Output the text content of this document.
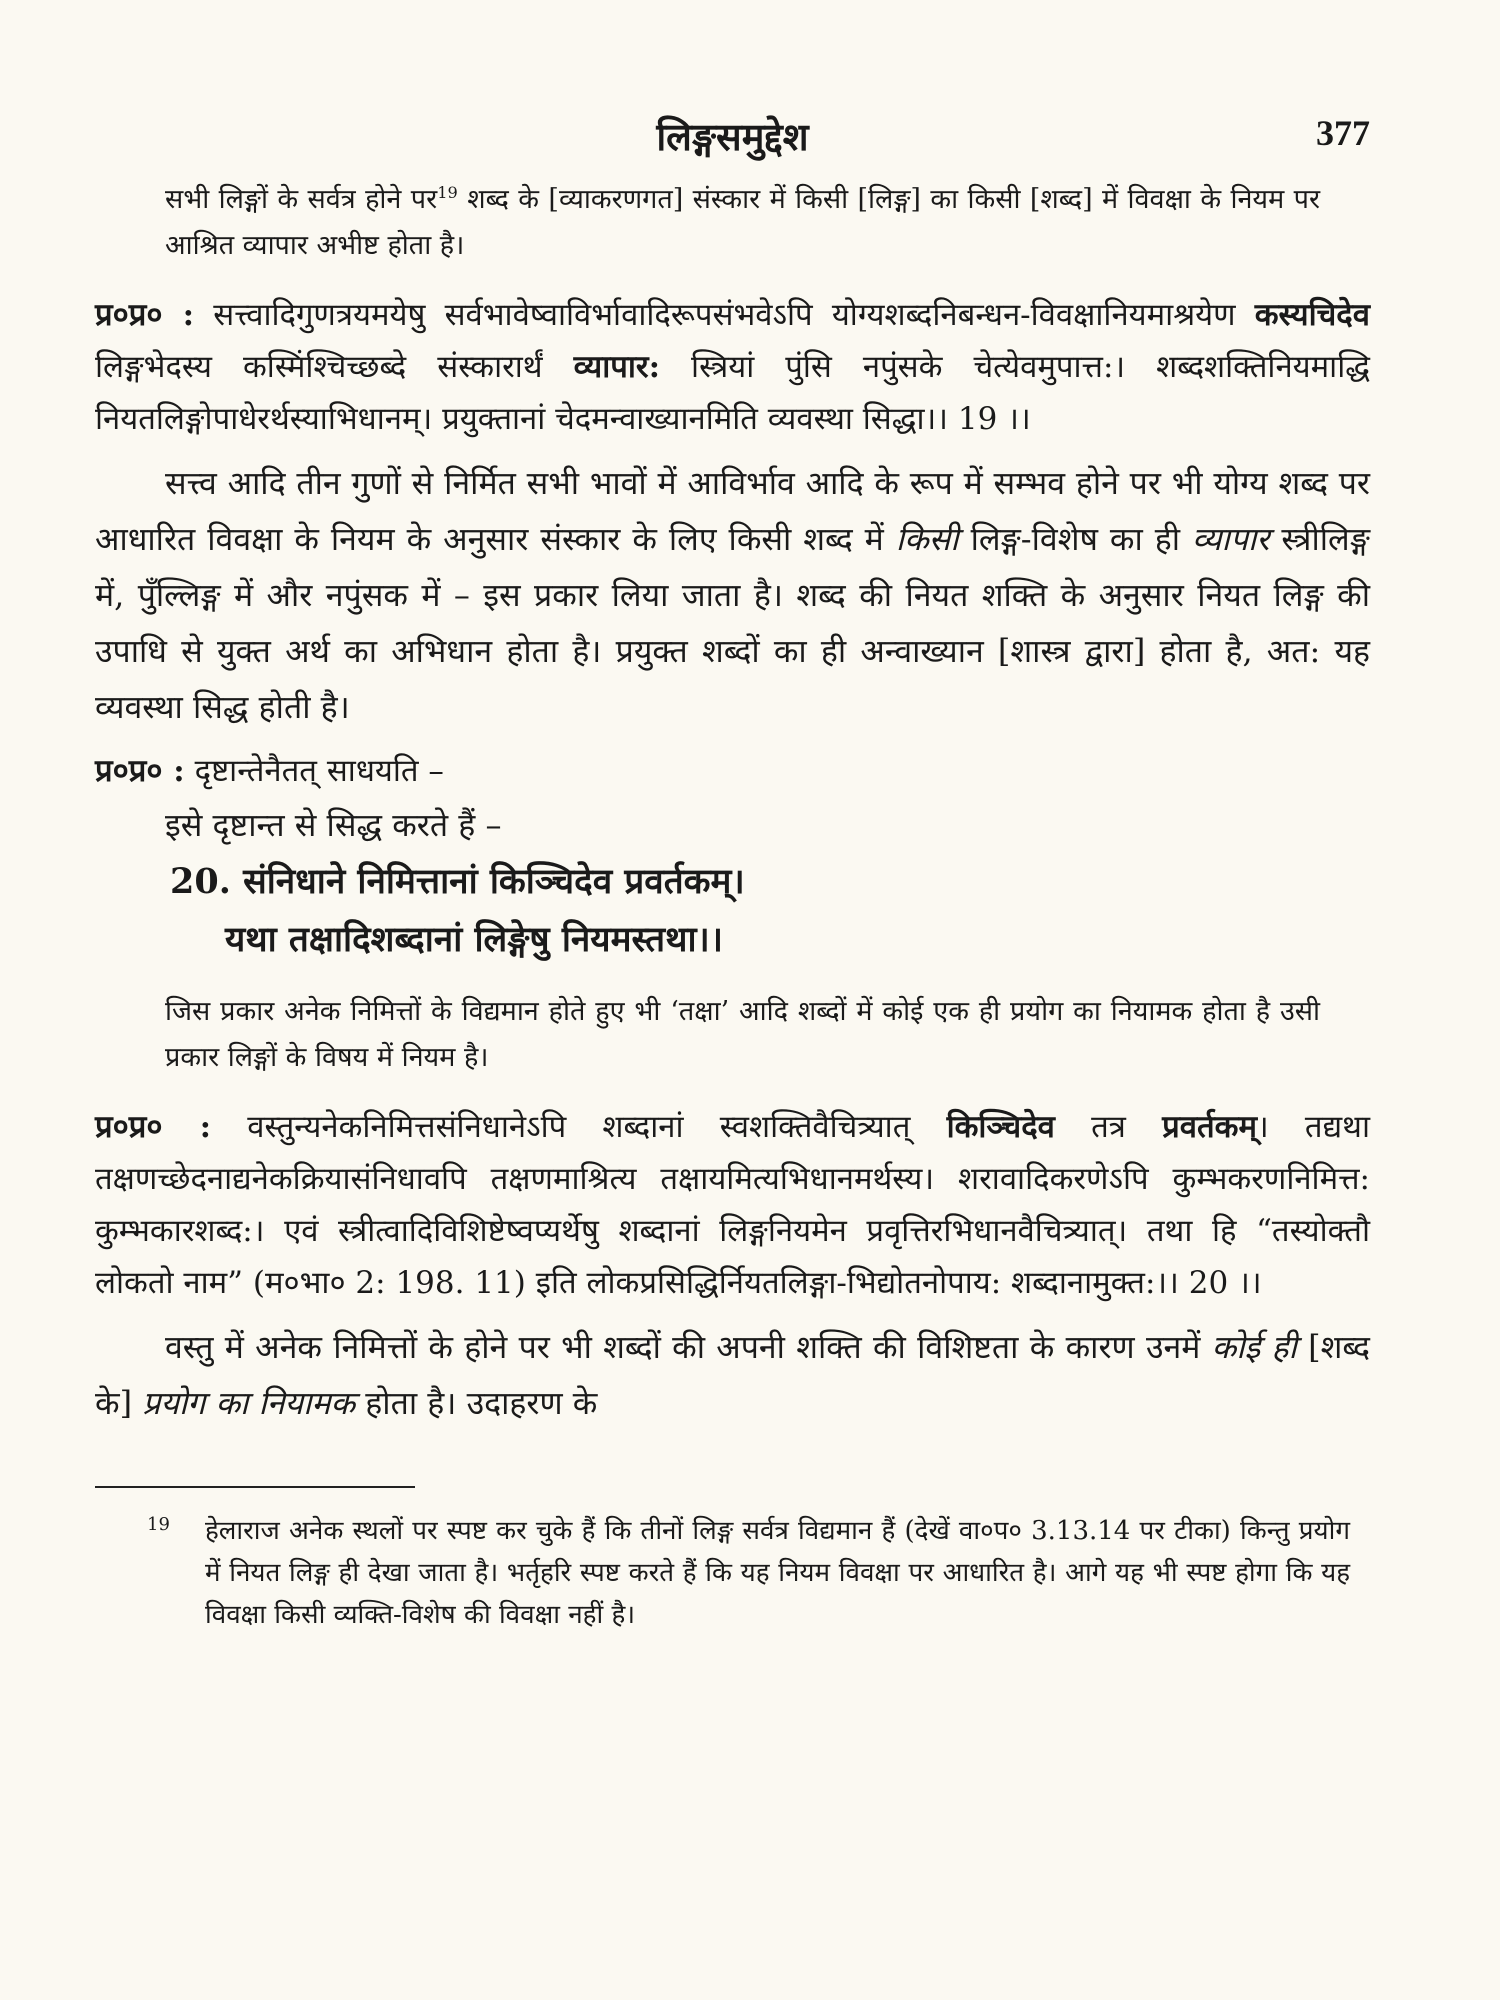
लिङ्गसमुद्देश	377

सभी लिङ्गों के सर्वत्र होने पर$^{19}$ शब्द के [व्याकरणगत] संस्कार में किसी [लिङ्ग] का किसी [शब्द] में विवक्षा के नियम पर आश्रित व्यापार अभीष्ट होता है।

प्र०प्र० : सत्त्वादिगुणत्रयमयेषु सर्वभावेष्वाविर्भावादिरूपसंभवेऽपि योग्यशब्दनिबन्धन-विवक्षानियमाश्रयेण कस्यचिदेव लिङ्गभेदस्य कस्मिंश्चिच्छब्दे संस्कारार्थं व्यापार: स्त्रियां पुंसि नपुंसके चेत्येवमुपात्त:। शब्दशक्तिनियमाद्धि नियतलिङ्गोपाधेरर्थस्याभिधानम्। प्रयुक्तानां चेदमन्वाख्यानमिति व्यवस्था सिद्धा।। 19 ।।

सत्त्व आदि तीन गुणों से निर्मित सभी भावों में आविर्भाव आदि के रूप में सम्भव होने पर भी योग्य शब्द पर आधारित विवक्षा के नियम के अनुसार संस्कार के लिए किसी शब्द में किसी लिङ्ग-विशेष का ही व्यापार स्त्रीलिङ्ग में, पुँल्लिङ्ग में और नपुंसक में – इस प्रकार लिया जाता है। शब्द की नियत शक्ति के अनुसार नियत लिङ्ग की उपाधि से युक्त अर्थ का अभिधान होता है। प्रयुक्त शब्दों का ही अन्वाख्यान [शास्त्र द्वारा] होता है, अत: यह व्यवस्था सिद्ध होती है।

प्र०प्र० : दृष्टान्तेनैतत् साधयति –

इसे दृष्टान्त से सिद्ध करते हैं –

20. संनिधाने निमित्तानां किञ्चिदेव प्रवर्तकम्।
यथा तक्षादिशब्दानां लिङ्गेषु नियमस्तथा।।

जिस प्रकार अनेक निमित्तों के विद्यमान होते हुए भी ‘तक्षा’ आदि शब्दों में कोई एक ही प्रयोग का नियामक होता है उसी प्रकार लिङ्गों के विषय में नियम है।

प्र०प्र० : वस्तुन्यनेकनिमित्तसंनिधानेऽपि शब्दानां स्वशक्तिवैचित्र्यात् किञ्चिदेव तत्र प्रवर्तकम्। तद्यथा तक्षणच्छेदनाद्यनेकक्रियासंनिधावपि तक्षणमाश्रित्य तक्षायमित्यभिधानमर्थस्य। शरावादिकरणेऽपि कुम्भकरणनिमित्त: कुम्भकारशब्द:। एवं स्त्रीत्वादिविशिष्टेष्वप्यर्थेषु शब्दानां लिङ्गनियमेन प्रवृत्तिरभिधानवैचित्र्यात्। तथा हि “तस्योक्तौ लोकतो नाम” (म०भा० 2: 198. 11) इति लोकप्रसिद्धिर्नियतलिङ्गा-भिद्योतनोपाय: शब्दानामुक्त:।। 20 ।।

वस्तु में अनेक निमित्तों के होने पर भी शब्दों की अपनी शक्ति की विशिष्टता के कारण उनमें कोई ही [शब्द के] प्रयोग का नियामक होता है। उदाहरण के

19 हेलाराज अनेक स्थलों पर स्पष्ट कर चुके हैं कि तीनों लिङ्ग सर्वत्र विद्यमान हैं (देखें वा०प० 3.13.14 पर टीका) किन्तु प्रयोग में नियत लिङ्ग ही देखा जाता है। भर्तृहरि स्पष्ट करते हैं कि यह नियम विवक्षा पर आधारित है। आगे यह भी स्पष्ट होगा कि यह विवक्षा किसी व्यक्ति-विशेष की विवक्षा नहीं है।
